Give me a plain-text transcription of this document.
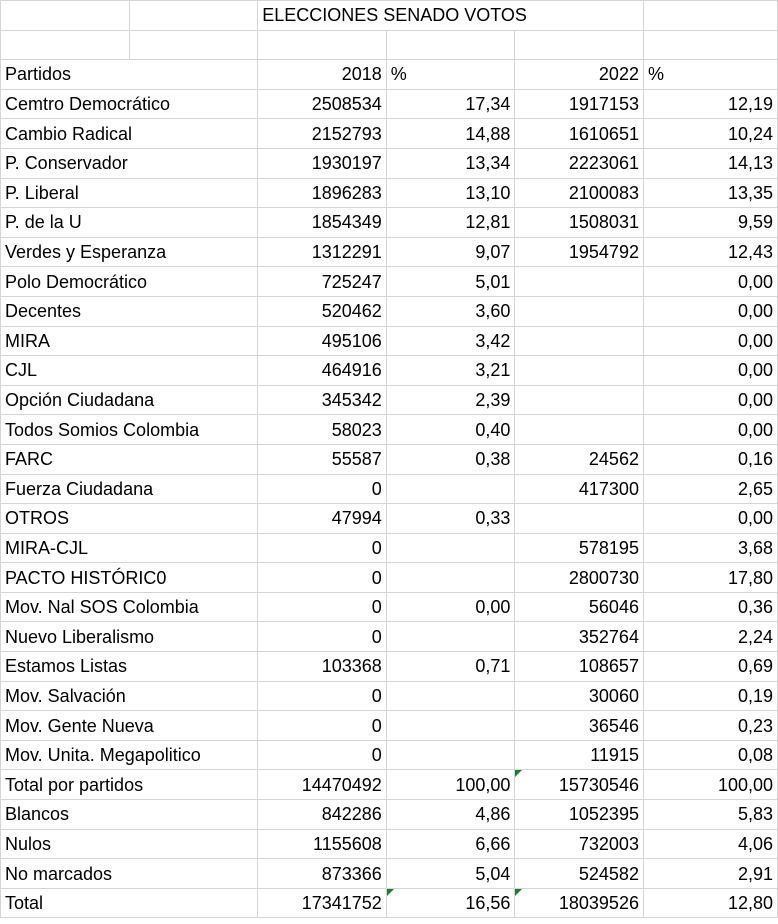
		ELECCIONES SENADO VOTOS			

Partidos		2018	%	2022	%
Cemtro Democrático		2508534	17,34	1917153	12,19
Cambio Radical		2152793	14,88	1610651	10,24
P. Conservador		1930197	13,34	2223061	14,13
P. Liberal		1896283	13,10	2100083	13,35
P. de la U		1854349	12,81	1508031	9,59
Verdes y Esperanza		1312291	9,07	1954792	12,43
Polo Democrático		725247	5,01		0,00
Decentes		520462	3,60		0,00
MIRA		495106	3,42		0,00
CJL		464916	3,21		0,00
Opción Ciudadana		345342	2,39		0,00
Todos Somios Colombia		58023	0,40		0,00
FARC		55587	0,38	24562	0,16
Fuerza Ciudadana		0		417300	2,65
OTROS		47994	0,33		0,00
MIRA-CJL		0		578195	3,68
PACTO HISTÓRIC0		0		2800730	17,80
Mov. Nal SOS Colombia		0	0,00	56046	0,36
Nuevo Liberalismo		0		352764	2,24
Estamos Listas		103368	0,71	108657	0,69
Mov. Salvación		0		30060	0,19
Mov. Gente Nueva		0		36546	0,23
Mov. Unita. Megapolitico		0		11915	0,08
Total por partidos		14470492	100,00	15730546	100,00
Blancos		842286	4,86	1052395	5,83
Nulos		1155608	6,66	732003	4,06
No marcados		873366	5,04	524582	2,91
Total		17341752	16,56	18039526	12,80
